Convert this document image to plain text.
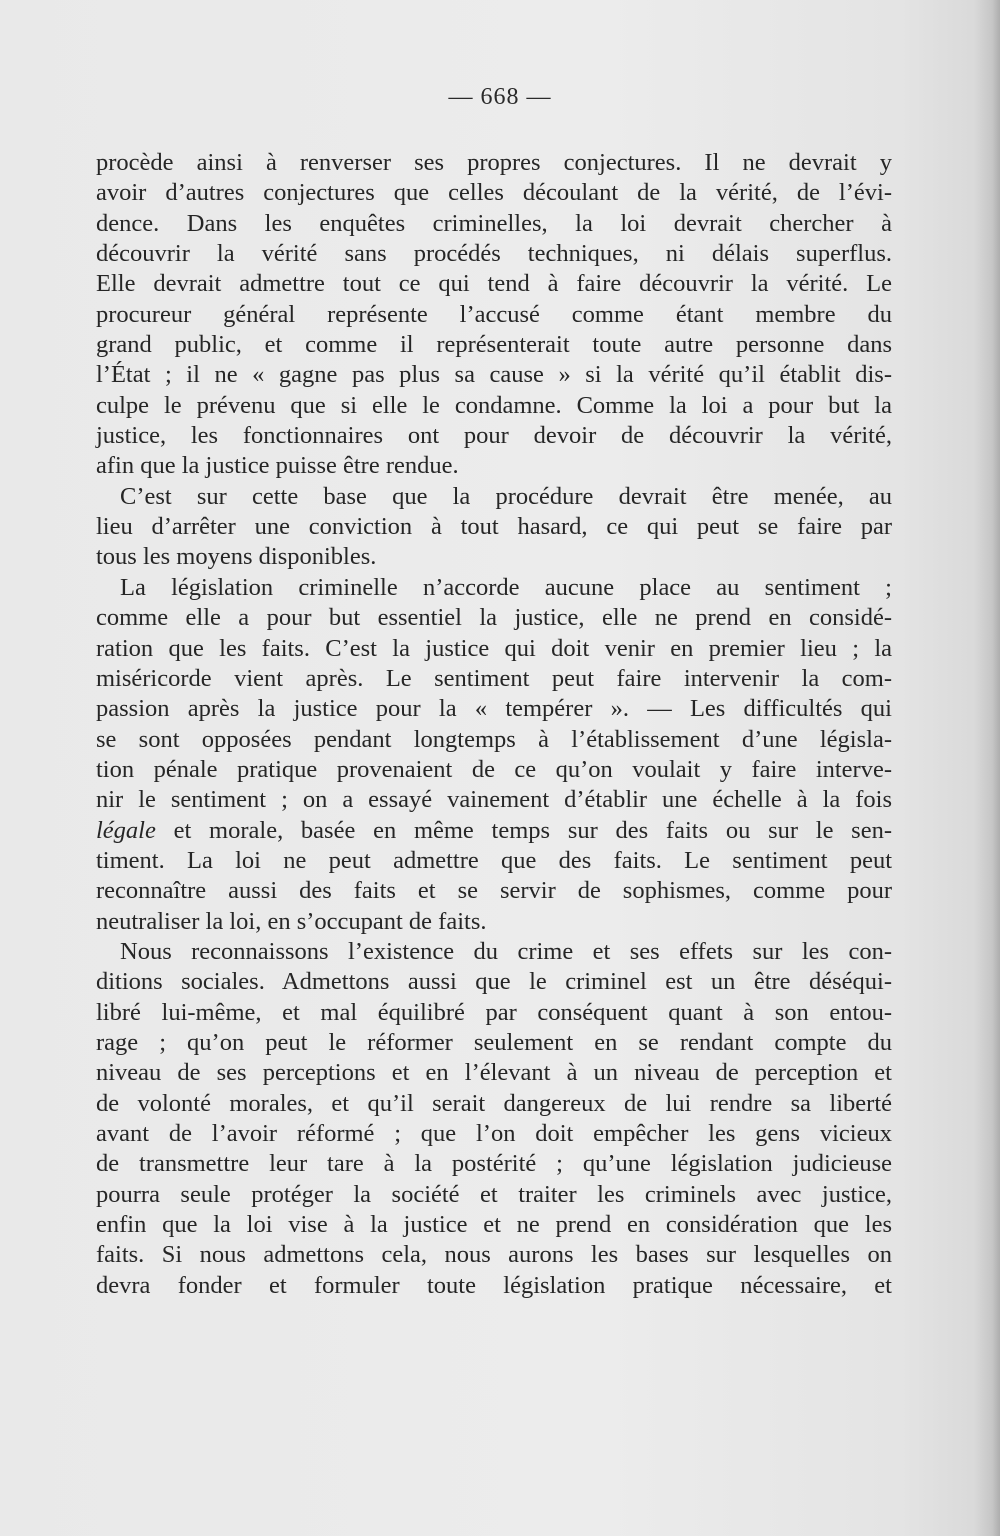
— 668 —
procède ainsi à renverser ses propres conjectures. Il ne devrait y
avoir d’autres conjectures que celles découlant de la vérité, de l’évi-
dence. Dans les enquêtes criminelles, la loi devrait chercher à
découvrir la vérité sans procédés techniques, ni délais superflus.
Elle devrait admettre tout ce qui tend à faire découvrir la vérité. Le
procureur général représente l’accusé comme étant membre du
grand public, et comme il représenterait toute autre personne dans
l’État ; il ne « gagne pas plus sa cause » si la vérité qu’il établit dis-
culpe le prévenu que si elle le condamne. Comme la loi a pour but la
justice, les fonctionnaires ont pour devoir de découvrir la vérité,
afin que la justice puisse être rendue.
C’est sur cette base que la procédure devrait être menée, au
lieu d’arrêter une conviction à tout hasard, ce qui peut se faire par
tous les moyens disponibles.
La législation criminelle n’accorde aucune place au sentiment ;
comme elle a pour but essentiel la justice, elle ne prend en considé-
ration que les faits. C’est la justice qui doit venir en premier lieu ; la
miséricorde vient après. Le sentiment peut faire intervenir la com-
passion après la justice pour la « tempérer ». — Les difficultés qui
se sont opposées pendant longtemps à l’établissement d’une législa-
tion pénale pratique provenaient de ce qu’on voulait y faire interve-
nir le sentiment ; on a essayé vainement d’établir une échelle à la fois
légale et morale, basée en même temps sur des faits ou sur le sen-
timent. La loi ne peut admettre que des faits. Le sentiment peut
reconnaître aussi des faits et se servir de sophismes, comme pour
neutraliser la loi, en s’occupant de faits.
Nous reconnaissons l’existence du crime et ses effets sur les con-
ditions sociales. Admettons aussi que le criminel est un être déséqui-
libré lui-même, et mal équilibré par conséquent quant à son entou-
rage ; qu’on peut le réformer seulement en se rendant compte du
niveau de ses perceptions et en l’élevant à un niveau de perception et
de volonté morales, et qu’il serait dangereux de lui rendre sa liberté
avant de l’avoir réformé ; que l’on doit empêcher les gens vicieux
de transmettre leur tare à la postérité ; qu’une législation judicieuse
pourra seule protéger la société et traiter les criminels avec justice,
enfin que la loi vise à la justice et ne prend en considération que les
faits. Si nous admettons cela, nous aurons les bases sur lesquelles on
devra fonder et formuler toute législation pratique nécessaire, et
